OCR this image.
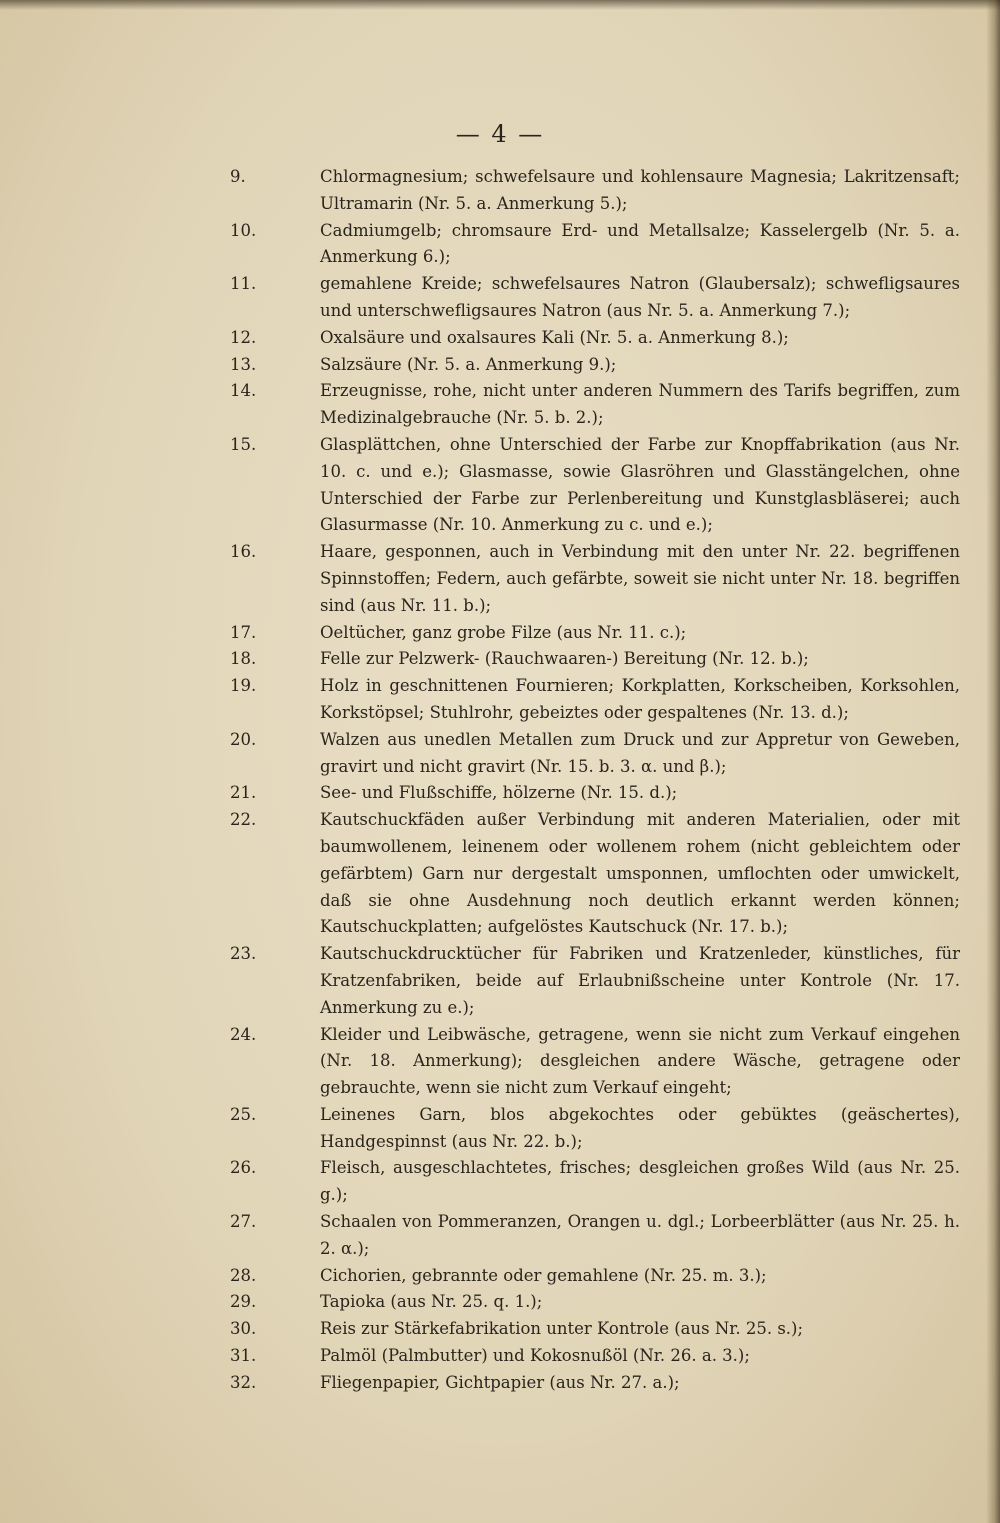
— 4 —
9.	Chlormagnesium; schwefelsaure und kohlensaure Magnesia; Lakritzensaft; Ultramarin (Nr. 5. a. Anmerkung 5.);
10.	Cadmiumgelb; chromsaure Erd- und Metallsalze; Kasselergelb (Nr. 5. a. Anmerkung 6.);
11.	gemahlene Kreide; schwefelsaures Natron (Glaubersalz); schwefligsaures und unterschwefligsaures Natron (aus Nr. 5. a. Anmerkung 7.);
12.	Oxalsäure und oxalsaures Kali (Nr. 5. a. Anmerkung 8.);
13.	Salzsäure (Nr. 5. a. Anmerkung 9.);
14.	Erzeugnisse, rohe, nicht unter anderen Nummern des Tarifs begriffen, zum Medizinalgebrauche (Nr. 5. b. 2.);
15.	Glasplättchen, ohne Unterschied der Farbe zur Knopffabrikation (aus Nr. 10. c. und e.); Glasmasse, sowie Glasröhren und Glasstängelchen, ohne Unterschied der Farbe zur Perlenbereitung und Kunstglasbläserei; auch Glasurmasse (Nr. 10. Anmerkung zu c. und e.);
16.	Haare, gesponnen, auch in Verbindung mit den unter Nr. 22. begriffenen Spinnstoffen; Federn, auch gefärbte, soweit sie nicht unter Nr. 18. begriffen sind (aus Nr. 11. b.);
17.	Oeltücher, ganz grobe Filze (aus Nr. 11. c.);
18.	Felle zur Pelzwerk- (Rauchwaaren-) Bereitung (Nr. 12. b.);
19.	Holz in geschnittenen Fournieren; Korkplatten, Korkscheiben, Korksohlen, Korkstöpsel; Stuhlrohr, gebeiztes oder gespaltenes (Nr. 13. d.);
20.	Walzen aus unedlen Metallen zum Druck und zur Appretur von Geweben, gravirt und nicht gravirt (Nr. 15. b. 3. α. und β.);
21.	See- und Flußschiffe, hölzerne (Nr. 15. d.);
22.	Kautschuckfäden außer Verbindung mit anderen Materialien, oder mit baumwollenem, leinenem oder wollenem rohem (nicht gebleichtem oder gefärbtem) Garn nur dergestalt umsponnen, umflochten oder umwickelt, daß sie ohne Ausdehnung noch deutlich erkannt werden können; Kautschuckplatten; aufgelöstes Kautschuck (Nr. 17. b.);
23.	Kautschuckdrucktücher für Fabriken und Kratzenleder, künstliches, für Kratzenfabriken, beide auf Erlaubnißscheine unter Kontrole (Nr. 17. Anmerkung zu e.);
24.	Kleider und Leibwäsche, getragene, wenn sie nicht zum Verkauf eingehen (Nr. 18. Anmerkung); desgleichen andere Wäsche, getragene oder gebrauchte, wenn sie nicht zum Verkauf eingeht;
25.	Leinenes Garn, blos abgekochtes oder gebüktes (geäschertes), Handgespinnst (aus Nr. 22. b.);
26.	Fleisch, ausgeschlachtetes, frisches; desgleichen großes Wild (aus Nr. 25. g.);
27.	Schaalen von Pommeranzen, Orangen u. dgl.; Lorbeerblätter (aus Nr. 25. h. 2. α.);
28.	Cichorien, gebrannte oder gemahlene (Nr. 25. m. 3.);
29.	Tapioka (aus Nr. 25. q. 1.);
30.	Reis zur Stärkefabrikation unter Kontrole (aus Nr. 25. s.);
31.	Palmöl (Palmbutter) und Kokosnußöl (Nr. 26. a. 3.);
32.	Fliegenpapier, Gichtpapier (aus Nr. 27. a.);
